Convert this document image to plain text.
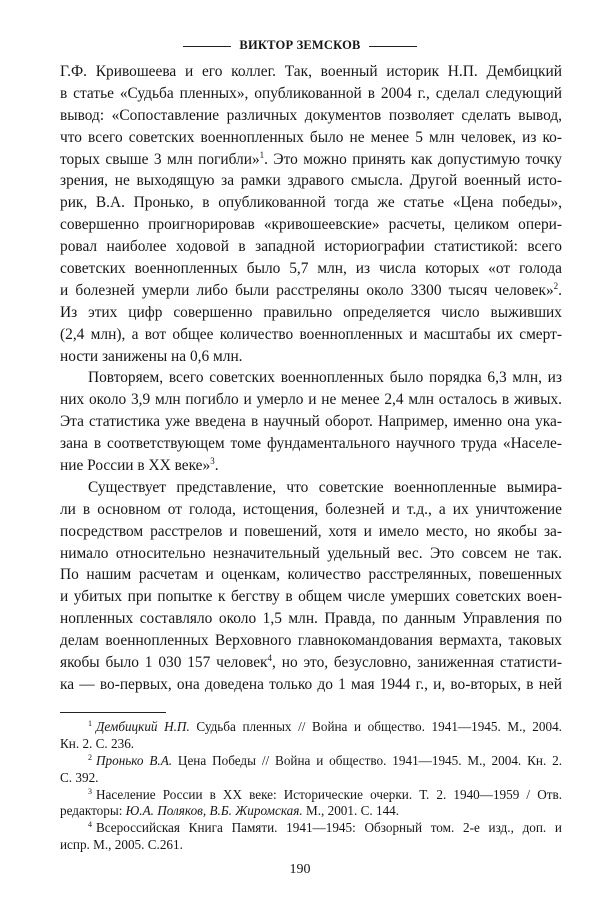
ВИКТОР ЗЕМСКОВ
Г.Ф. Кривошеева и его коллег. Так, военный историк Н.П. Дембицкий
в статье «Судьба пленных», опубликованной в 2004 г., сделал следующий
вывод: «Сопоставление различных документов позволяет сделать вывод,
что всего советских военнопленных было не менее 5 млн человек, из ко-
торых свыше 3 млн погибли»$^1$. Это можно принять как допустимую точку
зрения, не выходящую за рамки здравого смысла. Другой военный исто-
рик, В.А. Пронько, в опубликованной тогда же статье «Цена победы»,
совершенно проигнорировав «кривошеевские» расчеты, целиком опери-
ровал наиболее ходовой в западной историографии статистикой: всего
советских военнопленных было 5,7 млн, из числа которых «от голода
и болезней умерли либо были расстреляны около 3300 тысяч человек»$^2$.
Из этих цифр совершенно правильно определяется число выживших
(2,4 млн), а вот общее количество военнопленных и масштабы их смерт-
ности занижены на 0,6 млн.
Повторяем, всего советских военнопленных было порядка 6,3 млн, из
них около 3,9 млн погибло и умерло и не менее 2,4 млн осталось в живых.
Эта статистика уже введена в научный оборот. Например, именно она ука-
зана в соответствующем томе фундаментального научного труда «Населе-
ние России в XX веке»$^3$.
Существует представление, что советские военнопленные вымира-
ли в основном от голода, истощения, болезней и т.д., а их уничтожение
посредством расстрелов и повешений, хотя и имело место, но якобы за-
нимало относительно незначительный удельный вес. Это совсем не так.
По нашим расчетам и оценкам, количество расстрелянных, повешенных
и убитых при попытке к бегству в общем числе умерших советских воен-
нопленных составляло около 1,5 млн. Правда, по данным Управления по
делам военнопленных Верховного главнокомандования вермахта, таковых
якобы было 1 030 157 человек$^4$, но это, безусловно, заниженная статисти-
ка — во-первых, она доведена только до 1 мая 1944 г., и, во-вторых, в ней
$^1$ Дембицкий Н.П. Судьба пленных // Война и общество. 1941—1945. М., 2004.
Кн. 2. С. 236.
$^2$ Пронько В.А. Цена Победы // Война и общество. 1941—1945. М., 2004. Кн. 2.
С. 392.
$^3$ Население России в XX веке: Исторические очерки. Т. 2. 1940—1959 / Отв.
редакторы: Ю.А. Поляков, В.Б. Жиромская. М., 2001. С. 144.
$^4$ Всероссийская Книга Памяти. 1941—1945: Обзорный том. 2-е изд., доп. и
испр. М., 2005. С.261.
190
